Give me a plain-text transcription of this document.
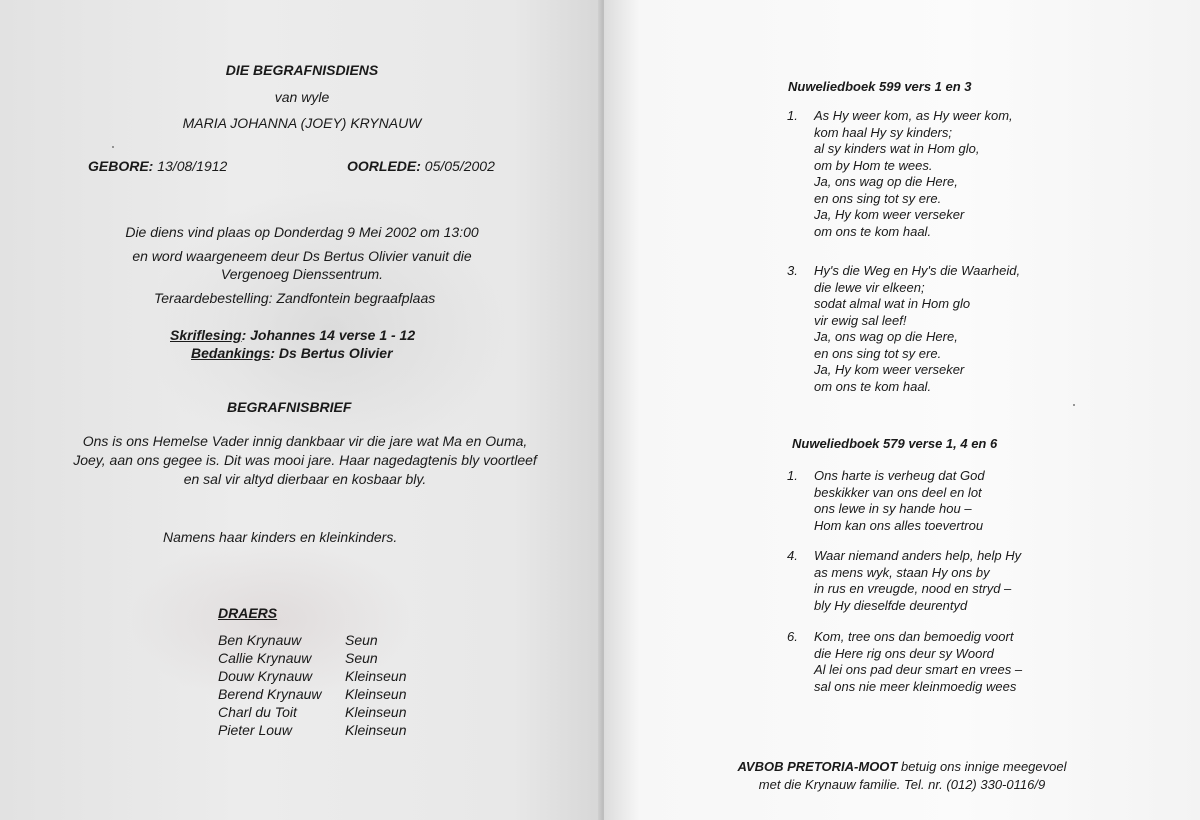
DIE BEGRAFNISDIENS
van wyle
MARIA JOHANNA (JOEY) KRYNAUW
GEBORE: 13/08/1912	OORLEDE: 05/05/2002
Die diens vind plaas op Donderdag 9 Mei 2002 om 13:00
en word waargeneem deur Ds Bertus Olivier vanuit die
Vergenoeg Dienssentrum.
Teraardebestelling: Zandfontein begraafplaas
Skriflesing: Johannes 14 verse 1 - 12
Bedankings: Ds Bertus Olivier
BEGRAFNISBRIEF
Ons is ons Hemelse Vader innig dankbaar vir die jare wat Ma en Ouma, Joey, aan ons gegee is. Dit was mooi jare. Haar nagedagtenis bly voortleef en sal vir altyd dierbaar en kosbaar bly.
Namens haar kinders en kleinkinders.
DRAERS
Ben Krynauw	Seun
Callie Krynauw	Seun
Douw Krynauw	Kleinseun
Berend Krynauw	Kleinseun
Charl du Toit	Kleinseun
Pieter Louw	Kleinseun
Nuweliedboek 599 vers 1 en 3
1. As Hy weer kom, as Hy weer kom,
kom haal Hy sy kinders;
al sy kinders wat in Hom glo,
om by Hom te wees.
Ja, ons wag op die Here,
en ons sing tot sy ere.
Ja, Hy kom weer verseker
om ons te kom haal.
3. Hy's die Weg en Hy's die Waarheid,
die lewe vir elkeen;
sodat almal wat in Hom glo
vir ewig sal leef!
Ja, ons wag op die Here,
en ons sing tot sy ere.
Ja, Hy kom weer verseker
om ons te kom haal.
Nuweliedboek 579 verse 1, 4 en 6
1. Ons harte is verheug dat God
beskikker van ons deel en lot
ons lewe in sy hande hou –
Hom kan ons alles toevertrou
4. Waar niemand anders help, help Hy
as mens wyk, staan Hy ons by
in rus en vreugde, nood en stryd –
bly Hy dieselfde deurentyd
6. Kom, tree ons dan bemoedig voort
die Here rig ons deur sy Woord
Al lei ons pad deur smart en vrees –
sal ons nie meer kleinmoedig wees
AVBOB PRETORIA-MOOT betuig ons innige meegevoel
met die Krynauw familie. Tel. nr. (012) 330-0116/9
